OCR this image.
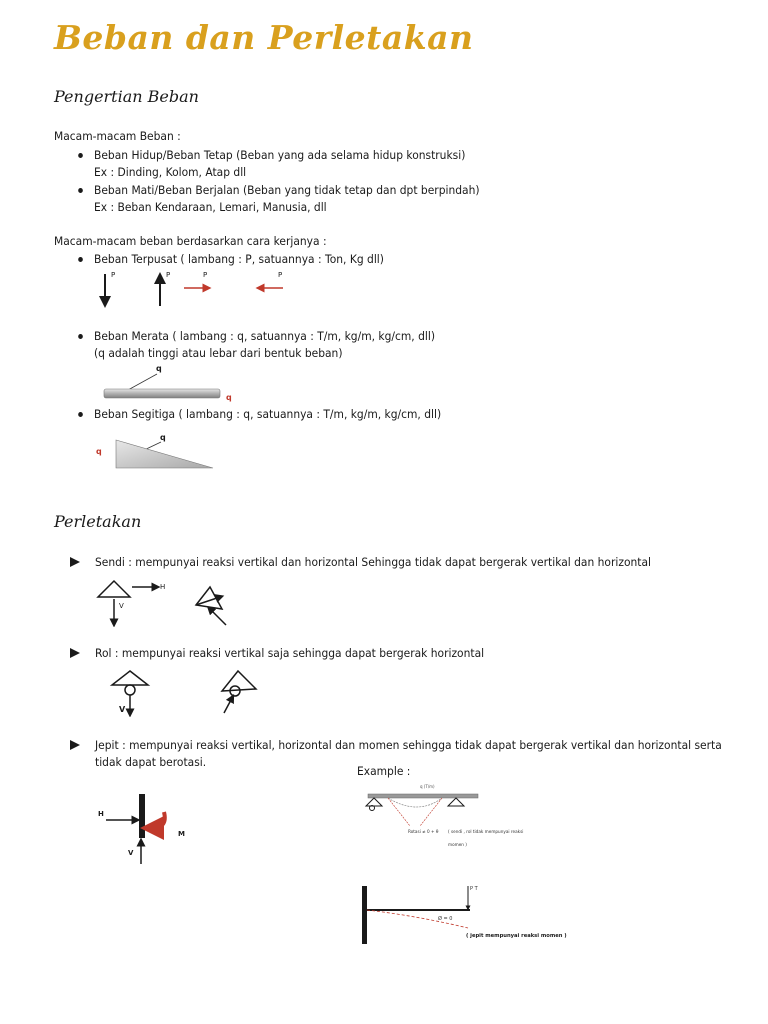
Beban dan Perletakan
Pengertian Beban
Macam-macam Beban :
Beban Hidup/Beban Tetap (Beban yang ada selama hidup konstruksi)
Ex : Dinding, Kolom, Atap dll
Beban Mati/Beban Berjalan (Beban yang tidak tetap dan dpt berpindah)
Ex : Beban Kendaraan, Lemari, Manusia, dll
Macam-macam beban berdasarkan cara kerjanya :
Beban Terpusat ( lambang : P, satuannya : Ton, Kg dll)
P	P	P	P
Beban Merata ( lambang : q, satuannya : T/m, kg/m, kg/cm, dll)
(q adalah tinggi atau lebar dari bentuk beban)
q
q
Beban Segitiga ( lambang : q, satuannya : T/m, kg/m, kg/cm, dll)
q
q
Perletakan
Sendi : mempunyai reaksi vertikal dan horizontal Sehingga tidak dapat bergerak vertikal dan horizontal
V
H
Rol : mempunyai reaksi vertikal saja sehingga dapat bergerak horizontal
V
Jepit : mempunyai reaksi vertikal, horizontal dan momen sehingga tidak dapat bergerak vertikal dan horizontal serta
tidak dapat berotasi.
Example :
H
M
V
q (T/m)
Rotasi ≠ 0 + θ ( sendi , rol tidak mempunyai reaksi
momen )
P T
Ø = 0
( jepit mempunyai reaksi momen )
